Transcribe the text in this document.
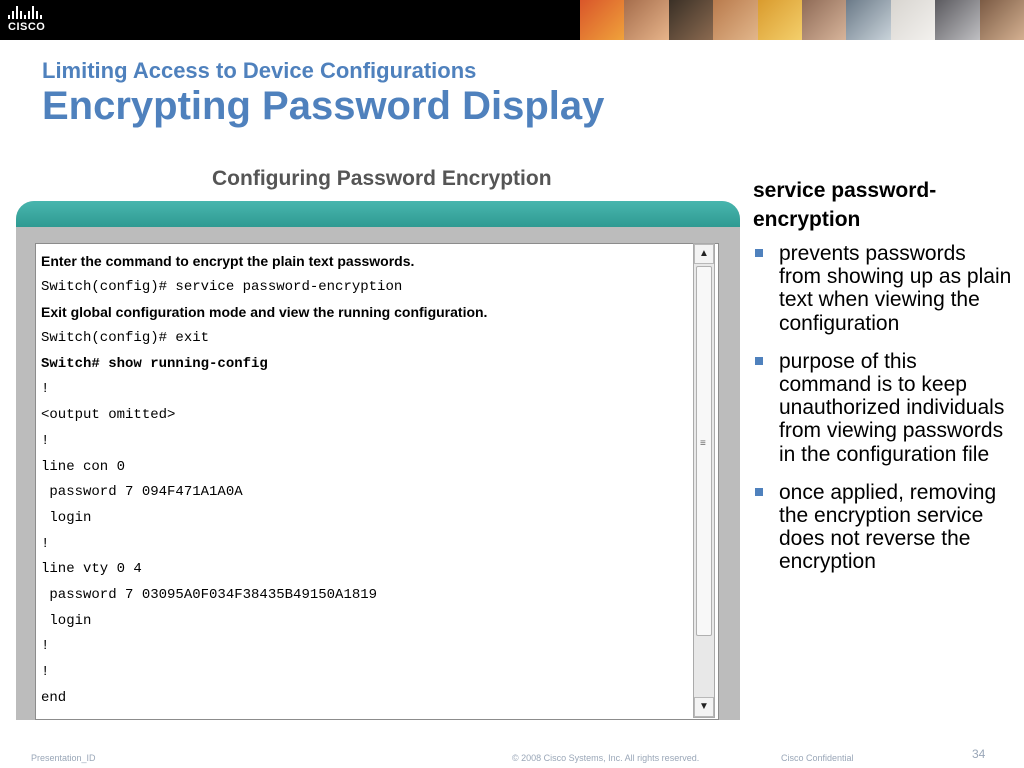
CISCO
Limiting Access to Device Configurations
Encrypting Password Display
Configuring Password Encryption
Enter the command to encrypt the plain text passwords.
Switch(config)# service password-encryption
Exit global configuration mode and view the running configuration.
Switch(config)# exit
Switch# show running-config
!
<output omitted>
!
line con 0
password 7 094F471A1A0A
login
!
line vty 0 4
password 7 03095A0F034F38435B49150A1819
login
!
!
end
▲
≡
▼
service password-encryption
prevents passwords from showing up as plain text when viewing the configuration
purpose of this command is to keep unauthorized individuals from viewing passwords in the configuration file
once applied, removing the encryption service does not reverse the encryption
Presentation_ID	© 2008 Cisco Systems, Inc. All rights reserved.	Cisco Confidential	34
